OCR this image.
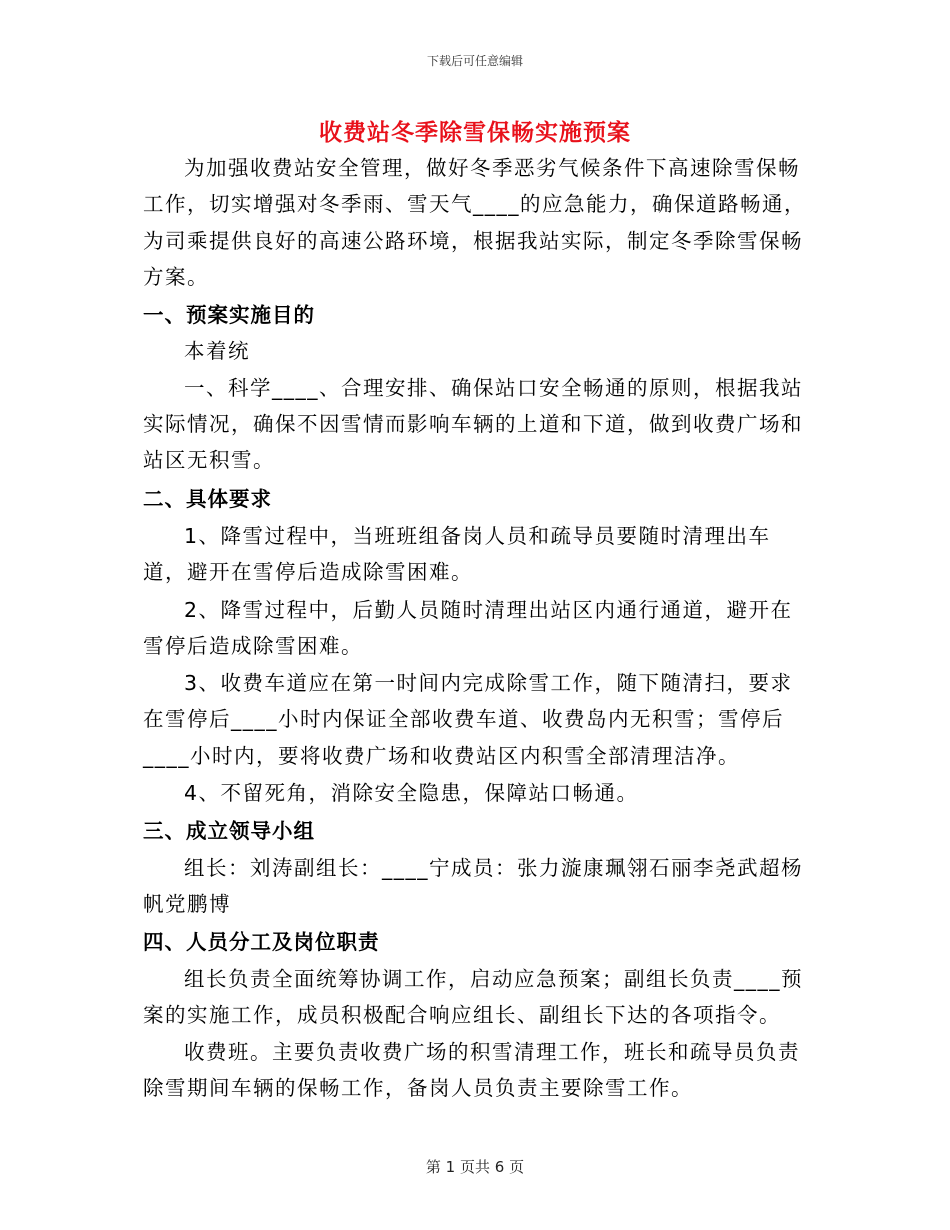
下载后可任意编辑
收费站冬季除雪保畅实施预案

为加强收费站安全管理，做好冬季恶劣气候条件下高速除雪保畅工作，切实增强对冬季雨、雪天气____的应急能力，确保道路畅通，为司乘提供良好的高速公路环境，根据我站实际，制定冬季除雪保畅方案。

一、预案实施目的

本着统

一、科学____、合理安排、确保站口安全畅通的原则，根据我站实际情况，确保不因雪情而影响车辆的上道和下道，做到收费广场和站区无积雪。

二、具体要求

1、降雪过程中，当班班组备岗人员和疏导员要随时清理出车道，避开在雪停后造成除雪困难。

2、降雪过程中，后勤人员随时清理出站区内通行通道，避开在雪停后造成除雪困难。

3、收费车道应在第一时间内完成除雪工作，随下随清扫，要求在雪停后____小时内保证全部收费车道、收费岛内无积雪；雪停后____小时内，要将收费广场和收费站区内积雪全部清理洁净。

4、不留死角，消除安全隐患，保障站口畅通。

三、成立领导小组

组长：刘涛副组长：____宁成员：张力漩康珮翎石丽李尧武超杨帆党鹏博

四、人员分工及岗位职责

组长负责全面统筹协调工作，启动应急预案；副组长负责____预案的实施工作，成员积极配合响应组长、副组长下达的各项指令。

收费班。主要负责收费广场的积雪清理工作，班长和疏导员负责除雪期间车辆的保畅工作，备岗人员负责主要除雪工作。

第 1 页共 6 页
